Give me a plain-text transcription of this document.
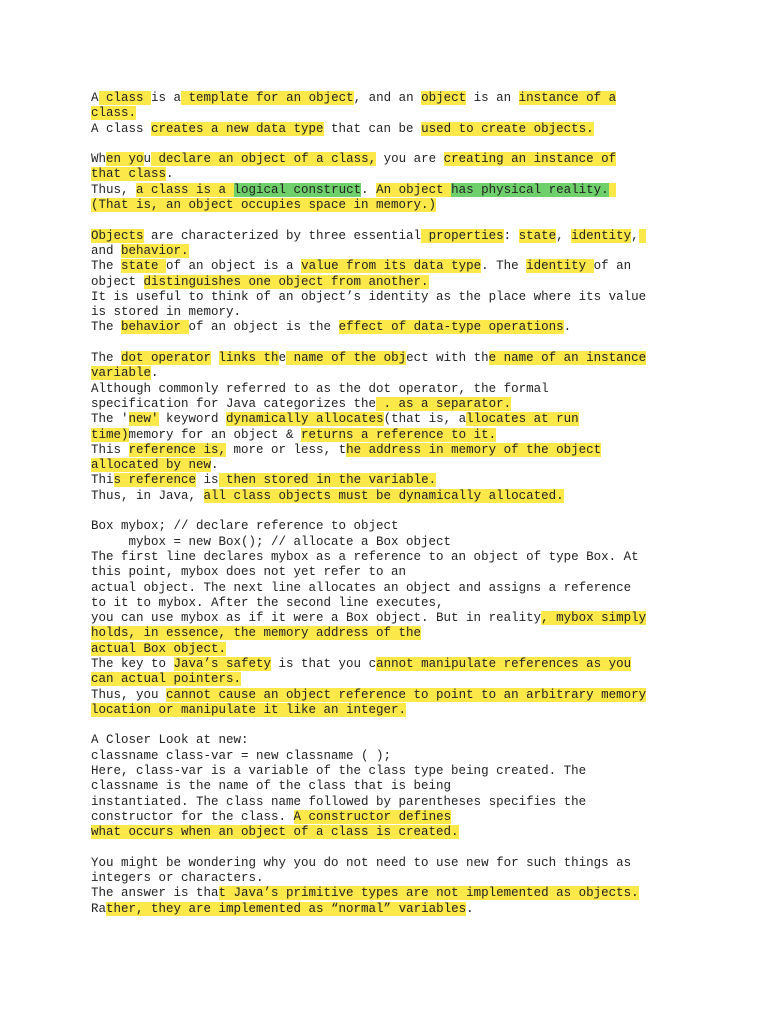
A class is a template for an object, and an object is an instance of a
class.
A class creates a new data type that can be used to create objects.
When you declare an object of a class, you are creating an instance of
that class.
Thus, a class is a logical construct. An object has physical reality.
(That is, an object occupies space in memory.)
Objects are characterized by three essential properties: state, identity,
and behavior.
The state of an object is a value from its data type. The identity of an
object distinguishes one object from another.
It is useful to think of an object’s identity as the place where its value
is stored in memory.
The behavior of an object is the effect of data-type operations.
The dot operator links the name of the object with the name of an instance
variable.
Although commonly referred to as the dot operator, the formal
specification for Java categorizes the . as a separator.
The 'new' keyword dynamically allocates(that is, allocates at run
time)memory for an object & returns a reference to it.
This reference is, more or less, the address in memory of the object
allocated by new.
This reference is then stored in the variable.
Thus, in Java, all class objects must be dynamically allocated.
Box mybox; // declare reference to object
mybox = new Box(); // allocate a Box object
The first line declares mybox as a reference to an object of type Box. At
this point, mybox does not yet refer to an
actual object. The next line allocates an object and assigns a reference
to it to mybox. After the second line executes,
you can use mybox as if it were a Box object. But in reality, mybox simply
holds, in essence, the memory address of the
actual Box object.
The key to Java’s safety is that you cannot manipulate references as you
can actual pointers.
Thus, you cannot cause an object reference to point to an arbitrary memory
location or manipulate it like an integer.
A Closer Look at new:
classname class-var = new classname ( );
Here, class-var is a variable of the class type being created. The
classname is the name of the class that is being
instantiated. The class name followed by parentheses specifies the
constructor for the class. A constructor defines
what occurs when an object of a class is created.
You might be wondering why you do not need to use new for such things as
integers or characters.
The answer is that Java’s primitive types are not implemented as objects.
Rather, they are implemented as “normal” variables.
